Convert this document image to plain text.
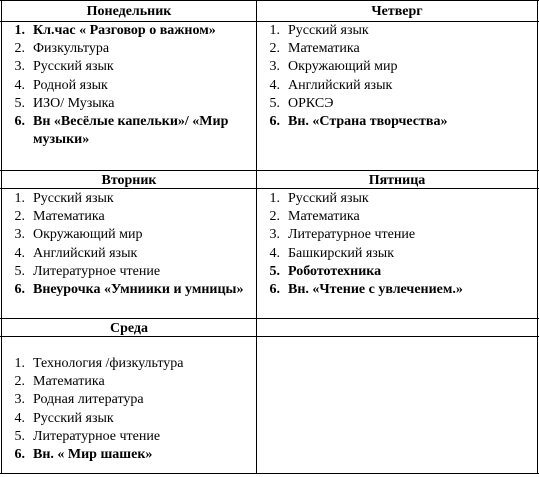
Понедельник
1. Кл.час « Разговор о важном»
2. Физкультура
3. Русский язык
4. Родной язык
5. ИЗО/ Музыка
6. Вн «Весёлые капельки»/ «Мир музыки»
Четверг
1. Русский язык
2. Математика
3. Окружающий мир
4. Английский язык
5. ОРКСЭ
6. Вн. «Страна творчества»
Вторник
1. Русский язык
2. Математика
3. Окружающий мир
4. Английский язык
5. Литературное чтение
6. Внеурочка «Умниики и умницы»
Пятница
1. Русский язык
2. Математика
3. Литературное чтение
4. Башкирский язык
5. Робототехника
6. Вн. «Чтение с увлечением.»
Среда
1. Технология /физкультура
2. Математика
3. Родная литература
4. Русский язык
5. Литературное чтение
6. Вн. « Мир шашек»
